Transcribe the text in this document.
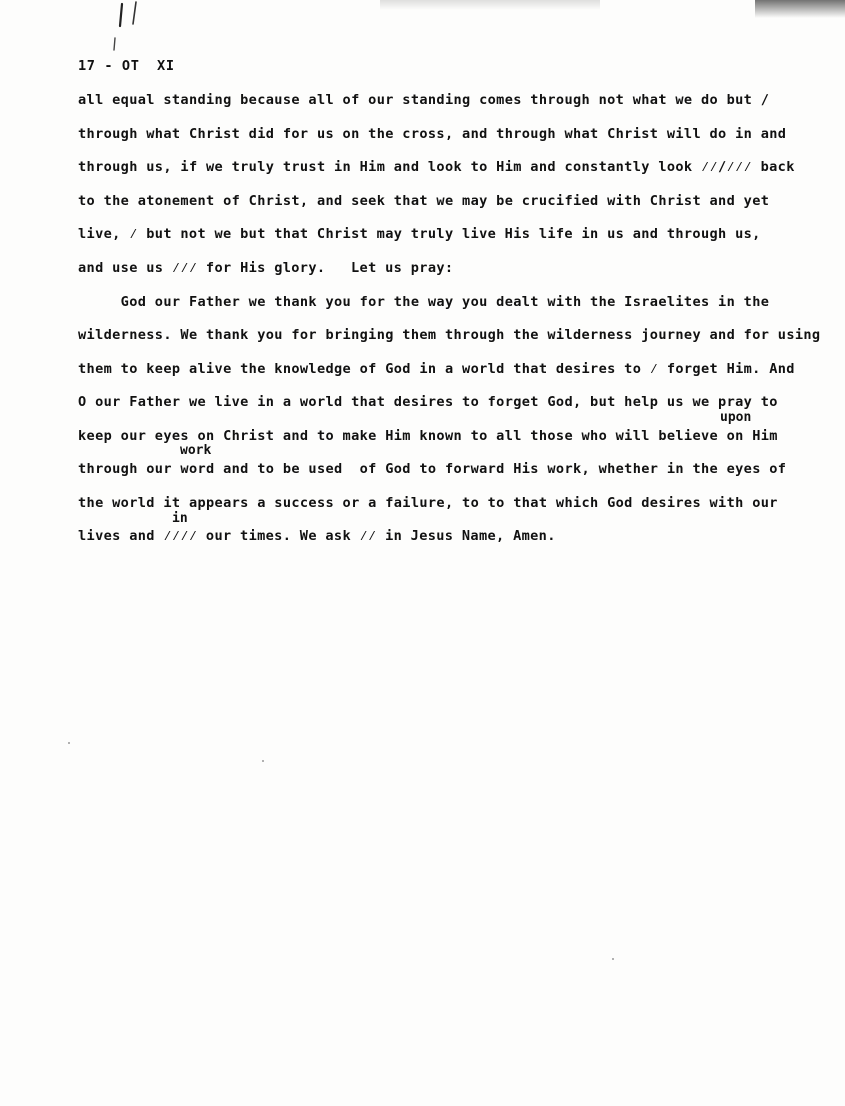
17 - OT  XI
all equal standing because all of our standing comes through not what we do but ∕
through what Christ did for us on the cross, and through what Christ will do in and
through us, if we truly trust in Him and look to Him and constantly look ⁄⁄∕⁄⁄⁄ back
to the atonement of Christ, and seek that we may be crucified with Christ and yet
live, ⁄ but not we but that Christ may truly live His life in us and through us,
and use us ⁄⁄⁄ for His glory.   Let us pray:
God our Father we thank you for the way you dealt with the Israelites in the
wilderness. We thank you for bringing them through the wilderness journey and for using
them to keep alive the knowledge of God in a world that desires to ⁄ forget Him. And
O our Father we live in a world that desires to forget God, but help us we pray to
keep our eyes on Christ and to make Him known to all those who will believe on Him
through our word and to be used  of God to forward His work, whether in the eyes of
the world it appears a success or a failure, to to that which God desires with our
lives and ⁄⁄⁄⁄ our times. We ask ⁄⁄ in Jesus Name, Amen.
upon
work
in
